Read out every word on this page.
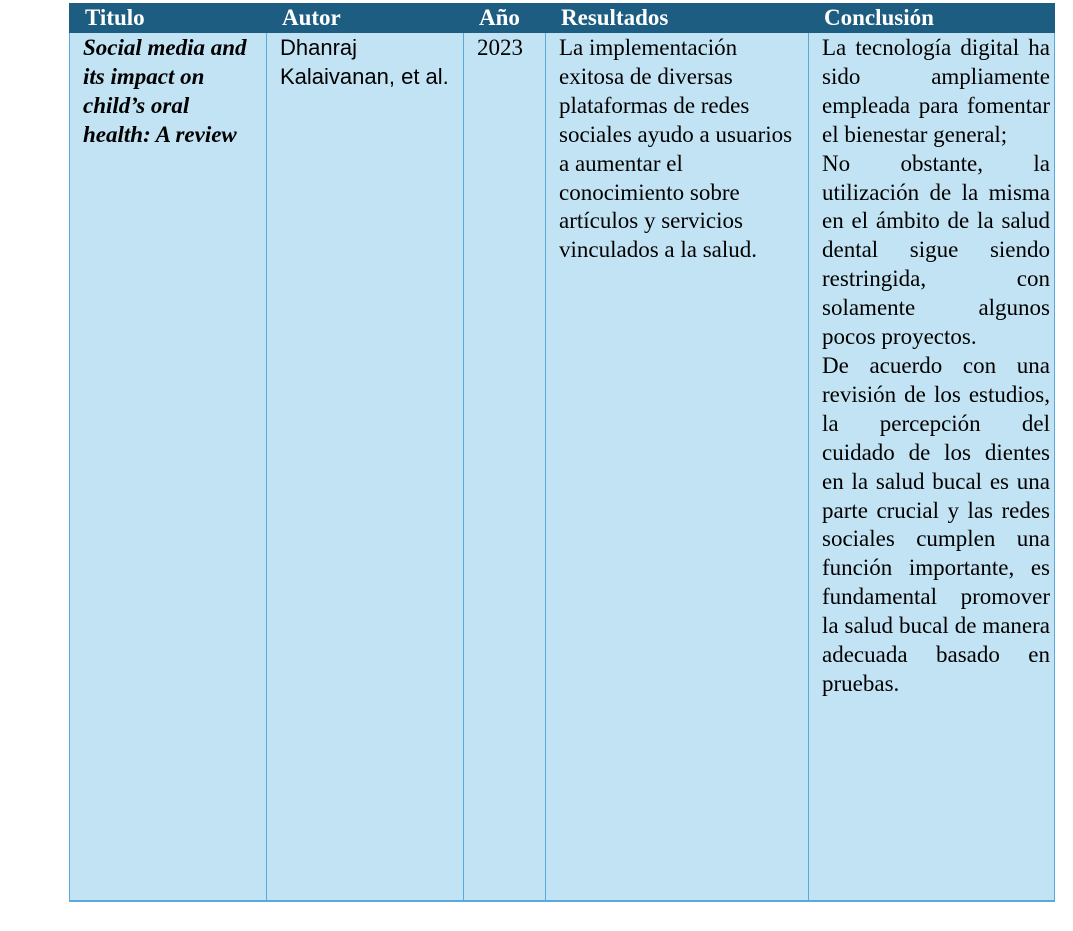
Titulo	Autor	Año	Resultados	Conclusión
Social media and its impact on child’s oral health: A review	Dhanraj Kalaivanan, et al.	2023	La implementación exitosa de diversas plataformas de redes sociales ayudo a usuarios a aumentar el conocimiento sobre artículos y servicios vinculados a la salud.	La tecnología digital ha sido ampliamente empleada para fomentar el bienestar general;
No obstante, la utilización de la misma en el ámbito de la salud dental sigue siendo restringida, con solamente algunos pocos proyectos.
De acuerdo con una revisión de los estudios, la percepción del cuidado de los dientes en la salud bucal es una parte crucial y las redes sociales cumplen una función importante, es fundamental promover la salud bucal de manera adecuada basado en pruebas.
